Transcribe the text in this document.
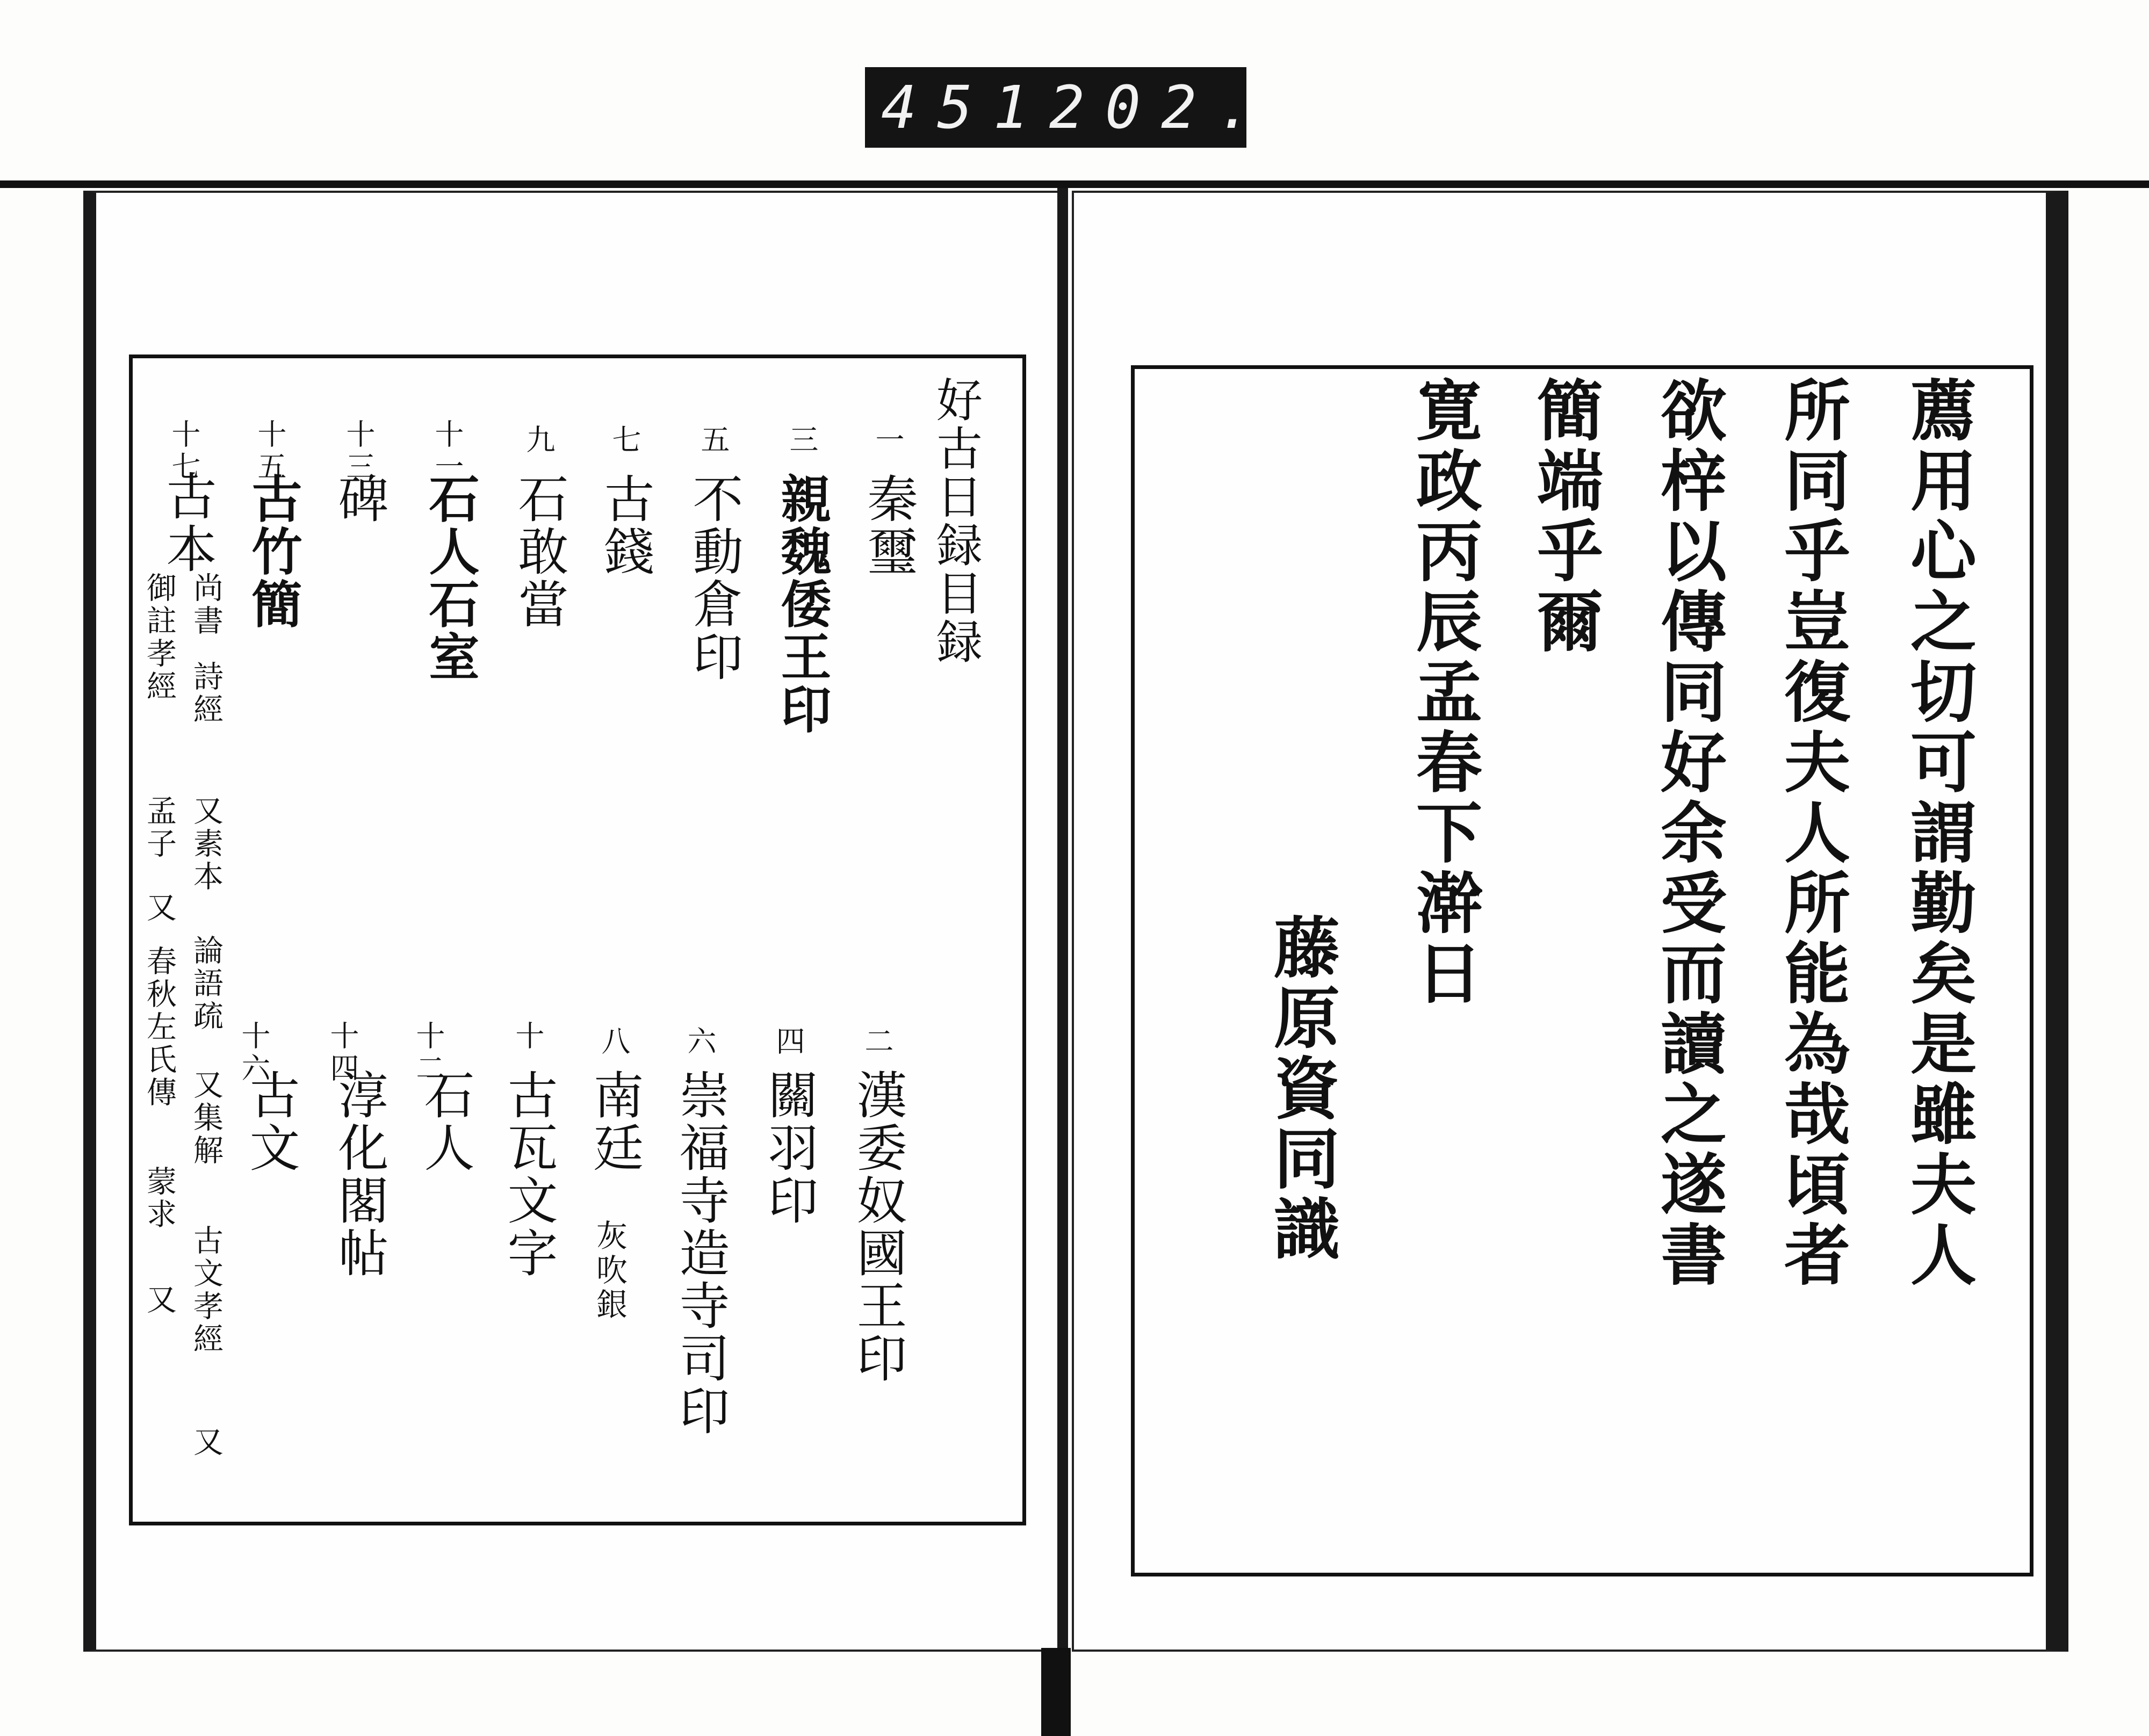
451 202.

薦用心之切可謂勤矣是雖夫人

所同乎豈復夫人所能為哉頃者

欲梓以傳同好余受而讀之遂書

簡端乎爾

寛政丙辰孟春下澣日

藤原資同識

好古日録目録

一
秦璽
三
親魏倭王印
五
不動倉印
七
古錢
九
石敢當
十一
石人石室
十三
碑
十五
古竹簡
十七
古本
尚書
詩經
又素本
論語疏
又集解
古文孝經
又
御註孝經
孟子
又
春秋左氏傳
蒙求
又
二
漢委奴國王印
四
關羽印
六
崇福寺造寺司印
八
南廷
灰吹銀
十
古瓦文字
十二
石人
十四
淳化閣帖
十六
古文
